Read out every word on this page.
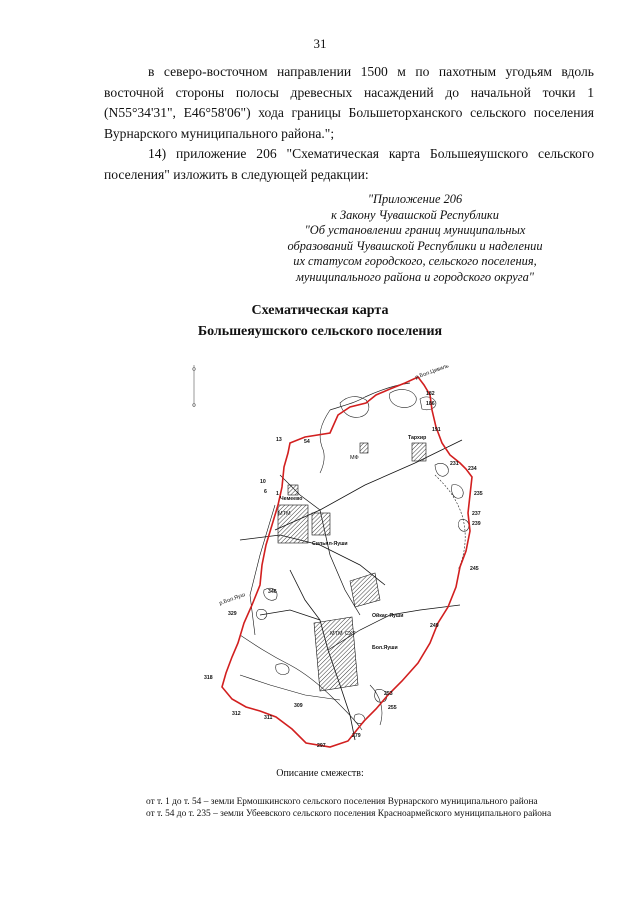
31
в северо-восточном направлении 1500 м по пахотным угодьям вдоль восточной стороны полосы древесных насаждений до начальной точки 1 (N55°34'31", E46°58'06") хода границы Большеторханского сельского поселения Вурнарского муниципального района.";
14) приложение 206 "Схематическая карта Большеяушского сельского поселения" изложить в следующей редакции:
"Приложение 206
к Закону Чувашской Республики
"Об установлении границ муниципальных
образований Чувашской Республики и наделении
их статусом городского, сельского поселения,
муниципального района и городского округа"
Схематическая карта
Большеяушского сельского поселения
182
186
191
231
234
235
237
239
245
249
253
255
279
297
309
311
312
318
329
346
1
10
6
13	54
Чемеево
Сильял-Яуши
Ойкас-Яуши
Бол.Яуши
Тархир
МТМ
МТМ СХТ
МФ
р.Бол.Цивиль
р.Бол.Яуш
Описание смежеств:
от т. 1 до т. 54 – земли Ермошкинского сельского поселения Вурнарского муниципального района
от т. 54 до т. 235 – земли Убеевского сельского поселения Красноармейского муниципального района
